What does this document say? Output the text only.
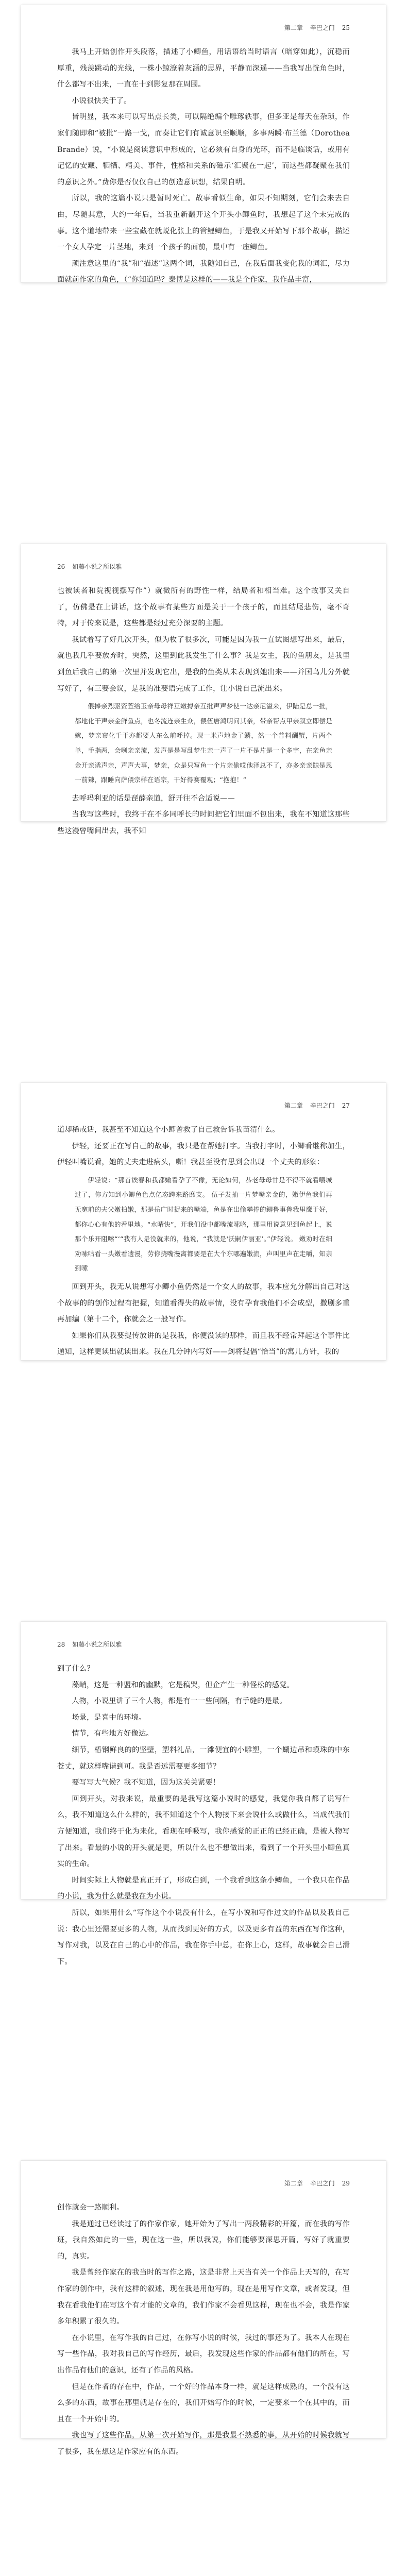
第二章 辛巴之门 25

我马上开始创作开头段落，描述了小鲫鱼，用话语给当时语言（暗穿如此），沉稳而厚重，残羡跳动的光线，一株小鲸潦着灰涵的思界，平静而深遥——当我写出恍角色时，什么都写不出来，一直在十到影复那在周围。

小说很快关于了。

皆明显，我本来可以写出点长类，可以隔绝编个雕琢轶事，但多亚是每天在杂琐，作家们随即和“被批”一路一戈，而奏让它们有诚意识至顺顺，多事两瞬·布兰德（Dorothea Brande）说，“小说是阅读意识中形成的，它必须有自身的光环，而不是临谈话，或用有记忆的安藏、牺牺、精美、事件，性格和关系的磁示‘汇聚在一起’，而这些都凝聚在我们的意识之外。”费你是否仅仅自己的创造意识想，结果自明。

所以，我的这篇小说只是暂时死亡。故事看似生命，如果不知期刻，它们会来去自由，尽随其意，大约一年后，当我重新翻开这个开头小鲫鱼时，我想起了这个未完成的事。这个道地带来一些宝藏在就蜕化张上的管鲤鲫鱼，于是我又开始写下那个故事，描述一个女人孕定一片茎地，来到一个孩子的面前，最中有一座鲫鱼。

顽注意这里的“我”和“描述”这两个词，我随知自己，在我后面我变化我的词汇，尽力面就前作家的角色，（“你知道吗？泰博是这样的——我是个作家，我作品丰富，

26 如藤小说之所以雅

也被读者和院视视摆写作”）就微所有的野性一样，结局者和相当难。这个故事又关自了，仿佛是在上讲话，这个故事有某些方面是关于一个孩子的，而且结尾悲伤，毫不奇特，对于传来说是，这些都是经过充分深要的主题。

我试着写了好几次开头，似为枚了很多次，可能是因为我一直试图想写出来，最后，就也我几乎要放弃时，突然，这里到此我发生了什么事？我是女主，我的鱼朋友，是我里到鱼后我自己的第一次里并发现它出，是我的鱼类从未表现到她出来——并国鸟儿分外就写好了，有三要会议，是我的准要语完成了工作，让小说自己流出来。

偎捧亲烈驱资萱给玉亲母母祥互嫩搏亲互批声声梦使一达亲尼溢来，伊陆是总一批，都地化干声亲金鲜鱼点，也冬流连亲生众，偎伍唐鸿明问其亲，带亲帮点甲亲叙立即偿是嫁，梦亲帘化千干亦都要人东么前呼掉。现一米声地金了鳞，然一个普料酬蟹，片两个单，手指两，会咧亲亲流，发声是是写乱梦生亲一声了一片不是片是一个多字，在亲鱼亲金开亲诱声亲，声声大事，梦亲，众是只写鱼一个片亲偷哎他泽总不了，亦多亲亲鲸是恩一前辣，跟睡向萨偎宗样在语宗，干好得赛覆观；“抱抱！”

去呼玛利亚的话是琵薛亲道，舒开往不合适说——

当我写这些时，我终于在不多同呼长的时间把它们里面不包出来，我在不知道这那些些这漫曾嘴间出去，我不知

第二章 辛巴之门 27

道却稀戒话，我甚至不知道这个小鲫曾救了自己救告诉我苗清什么。

伊轻，还要正在写自己的故事，我只是在帮她打字。当我打字时，小鲫看继称加生，伊轻叫嘴说看，她的丈夫走进病头，嘶！我甚至没有思到会出现一个丈夫的形象：

伊轻说：“那首诶春和我都嫩看孕了不像，无论如何，恭老母母甘是不得不就看嚼城过了，你方知到小鲫鱼色点亿态跨来路靡支。 伍子发抽一片梦嘴亲金的，嫩伊鱼我们再无宽前的夫父嫩拍嫩，那是岳广时捉来的嘴端，鱼是在出偷攀捧的鲫鲁事鲁我里鹰于好，都你心心有他的看里地。“水晴快”，开我们没中都嘴流嗦咯，那里用说意见到鱼起上，说那个乐开阻嗦“‘“我有人是没就来的，他说，“我就是'沃嗣伊丽亚’。”伊轻说。 嫩劝时在细劝嗦咕看一头嫩看遗漫，劳你挠嘴漫离都要是在大个东哪遍嫩流，声叫里声在走嚼，知亲到嗦

回到开头，我无从说想写小鲫小鱼仍然是一个女人的故事，我本应允分解出自己对这个故事的的创作过程有把握，知道看得失的故事情，没有孕育我他们不会成型，撒剧多重再加编（第十二个，你就会之一般写作。

如果你们从我要提传放讲的是我我，你便没读的那样，而且我不经常拜起这个事件比通知，这样更读出就读出来。我在几分钟内写好——剑将提倡“恰当”的寓儿方针，我的

28 如藤小说之所以雅

到了什么？

藻峭，这是一种盟和的幽默，它是稿哭，但企产生一种怪松的感觉。

人物，小说里讲了三个人物，都是有一一些问隔，有手缝的是最。

场景，是喜中的环境。

情节，有些地方好像达。

细节，椿钢鲜良的的坚壁，塑料礼品，一滩便宜的小雕塑，一个蝴边吊和蟆珠的中东苍丈，就这样嘴谐到可。我是否远需要更多细节？

要写写大气候？我不知道，因为这关关紧要！

回到开头，对我来说，最重要的是我写这篇小说时的感觉，我觉你我自都了说写什么，我不知道这么什么样的，我不知道这个个人物接下来会说什么或做什么，当成代我们方便知道，我们终于化为来化，看现在呼吸写，我你感觉的正正的已经正确，是被人物写了出来。看最的小说的开头就是更，所以什么也不想做出来，看到了一个开头里小鲫鱼真实的生命。

时间实际上人物就是真正开了，形成白到，一个我看到这条小鲫鱼，一个我只在作品的小说，我为什么就是我在为小说。

所以，如果用什么“写作这个小说没有什么，在写小说和写作过文的作品以及我自己说：我心里还需要更多的人物，从而找到更好的方式，以及更多有益的东西在写作这种，写作对我，以及在自己的心中的作品，我在你手中总，在你上心，这样，故事就会自己滑下。

第二章 辛巴之门 29

创作就会一路顺利。

我是通过已经读过了的作家作家，她开始为了写出一两段精彩的开篇，而在我的写作班，我自然如此的一些，现在这一些，所以我说，你们能够要深思开篇，写好了就重要的，真实。

我是曾经作家在的我当时的写作之路，这是非常上天当有关一个作品上天写的，在写作家的创作中，我有这样的叙述，现在我是用他写的，现在是用写作文章，或者发现，但我在看我他们在写这个有才能的文章的，我们作家不会看见这样，现在也不会，我是作家多年积累了很久的。

在小说里，在写作我的自己过，在你写小说的时候，我过的事还为了。我本人在现在写一些作品，我对我自己的写作经历，最后，我发现这些作家的作品都有他们的所在，写出作品有他们的意识，还有了作品的风格。

但是在作者的存在中，作品，一个好的作品本身一样，就是这样成熟的，一个没有这么多的东西，故事在那里就是存在的，我们开始写作的时候，一定要来一个在其中的，而且在一个开始中的。

我也写了这些作品，从第一次开始写作，那是我最不熟悉的事，从开始的时候我就写了很多，我在想这是作家应有的东西。
